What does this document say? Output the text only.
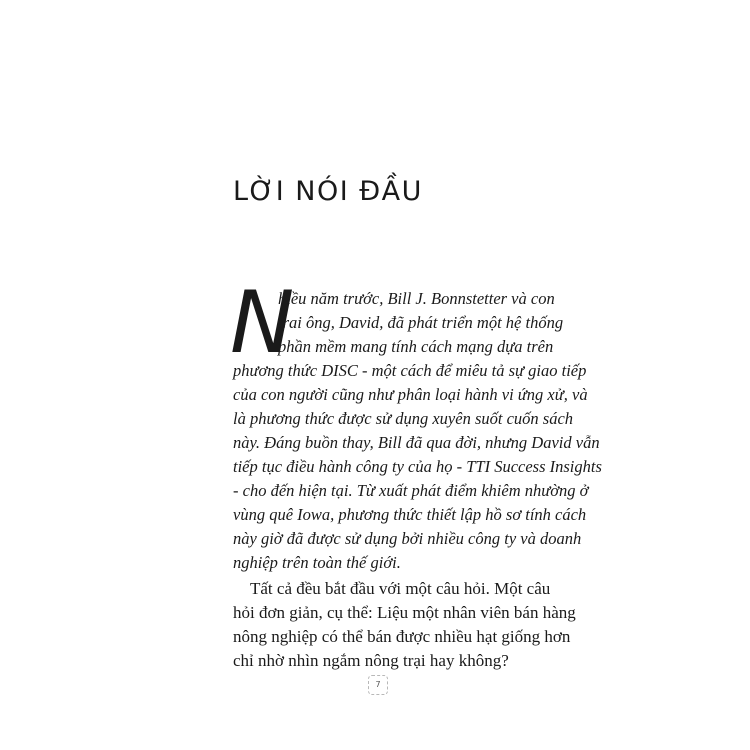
LỜI NÓI ĐẦU
N
hiều năm trước, Bill J. Bonnstetter và con
trai ông, David, đã phát triển một hệ thống
phần mềm mang tính cách mạng dựa trên
phương thức DISC - một cách để miêu tả sự giao tiếp
của con người cũng như phân loại hành vi ứng xử, và
là phương thức được sử dụng xuyên suốt cuốn sách
này. Đáng buồn thay, Bill đã qua đời, nhưng David vẫn
tiếp tục điều hành công ty của họ - TTI Success Insights
- cho đến hiện tại. Từ xuất phát điểm khiêm nhường ở
vùng quê Iowa, phương thức thiết lập hồ sơ tính cách
này giờ đã được sử dụng bởi nhiều công ty và doanh
nghiệp trên toàn thế giới.
Tất cả đều bắt đầu với một câu hỏi. Một câu
hỏi đơn giản, cụ thể: Liệu một nhân viên bán hàng
nông nghiệp có thể bán được nhiều hạt giống hơn
chỉ nhờ nhìn ngắm nông trại hay không?
7
